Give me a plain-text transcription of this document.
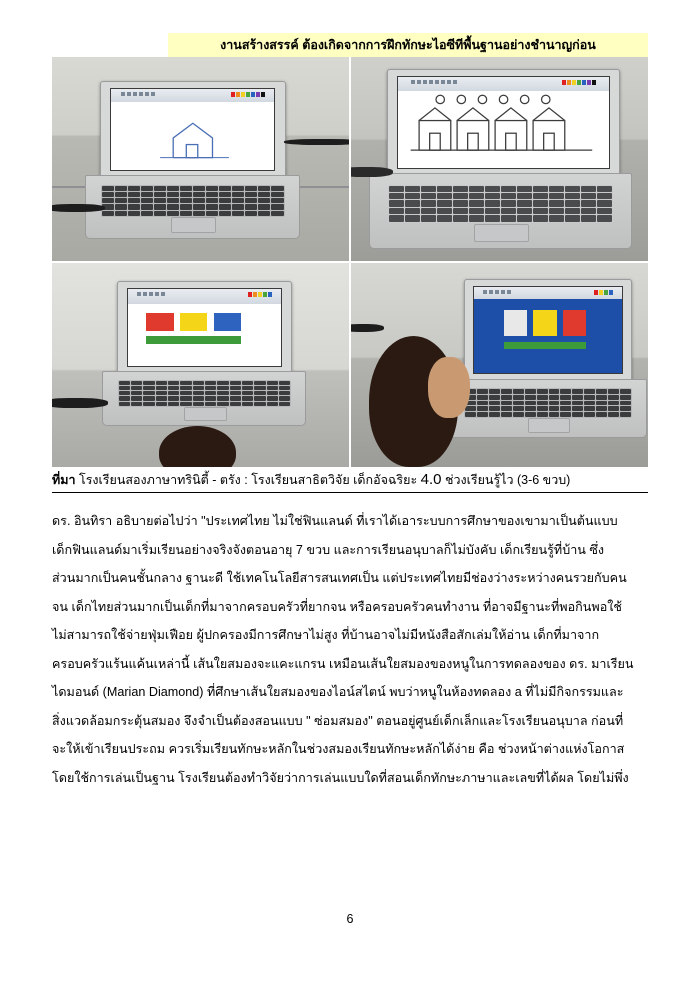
งานสร้างสรรค์ ต้องเกิดจากการฝึกทักษะไอซีทีพื้นฐานอย่างชำนาญก่อน
ที่มา โรงเรียนสองภาษาทรินิตี้ - ตรัง : โรงเรียนสาธิตวิจัย เด็กอัจฉริยะ 4.0 ช่วงเรียนรู้ไว (3-6 ขวบ)

ดร. อินทิรา อธิบายต่อไปว่า "ประเทศไทย ไม่ใช่ฟินแลนด์ ที่เราได้เอาระบบการศึกษาของเขามาเป็นต้นแบบ

เด็กฟินแลนด์มาเริ่มเรียนอย่างจริงจังตอนอายุ 7 ขวบ และการเรียนอนุบาลก็ไม่บังคับ เด็กเรียนรู้ที่บ้าน ซึ่ง

ส่วนมากเป็นคนชั้นกลาง ฐานะดี ใช้เทคโนโลยีสารสนเทศเป็น แต่ประเทศไทยมีช่องว่างระหว่างคนรวยกับคน

จน เด็กไทยส่วนมากเป็นเด็กที่มาจากครอบครัวที่ยากจน หรือครอบครัวคนทำงาน ที่อาจมีฐานะที่พอกินพอใช้

ไม่สามารถใช้จ่ายฟุ่มเฟือย ผู้ปกครองมีการศึกษาไม่สูง ที่บ้านอาจไม่มีหนังสือสักเล่มให้อ่าน เด็กที่มาจาก

ครอบครัวแร้นแค้นเหล่านี้ เส้นใยสมองจะแคะแกรน เหมือนเส้นใยสมองของหนูในการทดลองของ ดร. มาเรียน

ไดมอนด์ (Marian Diamond) ที่ศึกษาเส้นใยสมองของไอน์สไตน์ พบว่าหนูในห้องทดลอง a ที่ไม่มีกิจกรรมและ

สิ่งแวดล้อมกระตุ้นสมอง จึงจำเป็นต้องสอนแบบ " ซ่อมสมอง" ตอนอยู่ศูนย์เด็กเล็กและโรงเรียนอนุบาล ก่อนที่

จะให้เข้าเรียนประถม ควรเริ่มเรียนทักษะหลักในช่วงสมองเรียนทักษะหลักได้ง่าย คือ ช่วงหน้าต่างแห่งโอกาส

โดยใช้การเล่นเป็นฐาน โรงเรียนต้องทำวิจัยว่าการเล่นแบบใดที่สอนเด็กทักษะภาษาและเลขที่ได้ผล โดยไม่พึ่ง

6
